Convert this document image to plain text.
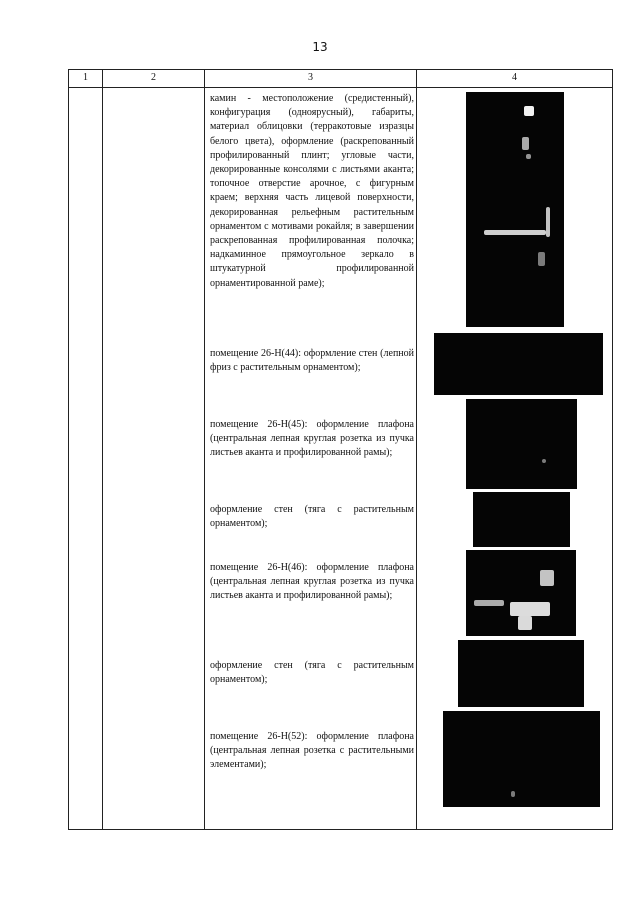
13
1	2	3	4
камин - местоположение (средистенный), конфигурация (одноярусный), габариты, материал облицовки (терракотовые изразцы белого цвета), оформление (раскрепованный профилированный плинт; угловые части, декорированные консолями с листьями аканта; топочное отверстие арочное, с фигурным краем; верхняя часть лицевой поверхности, декорированная рельефным растительным орнаментом с мотивами рокайля; в завершении раскрепованная профилированная полочка; надкаминное прямоугольное зеркало в штукатурной профилированной орнаментированной раме);
помещение 26-Н(44): оформление стен (лепной фриз с растительным орнаментом);
помещение 26-Н(45): оформление плафона (центральная лепная круглая розетка из пучка листьев аканта и профилированной рамы);
оформление стен (тяга с растительным орнаментом);
помещение 26-Н(46): оформление плафона (центральная лепная круглая розетка из пучка листьев аканта и профилированной рамы);
оформление стен (тяга с растительным орнаментом);
помещение 26-Н(52): оформление плафона (центральная лепная розетка с растительными элементами);
